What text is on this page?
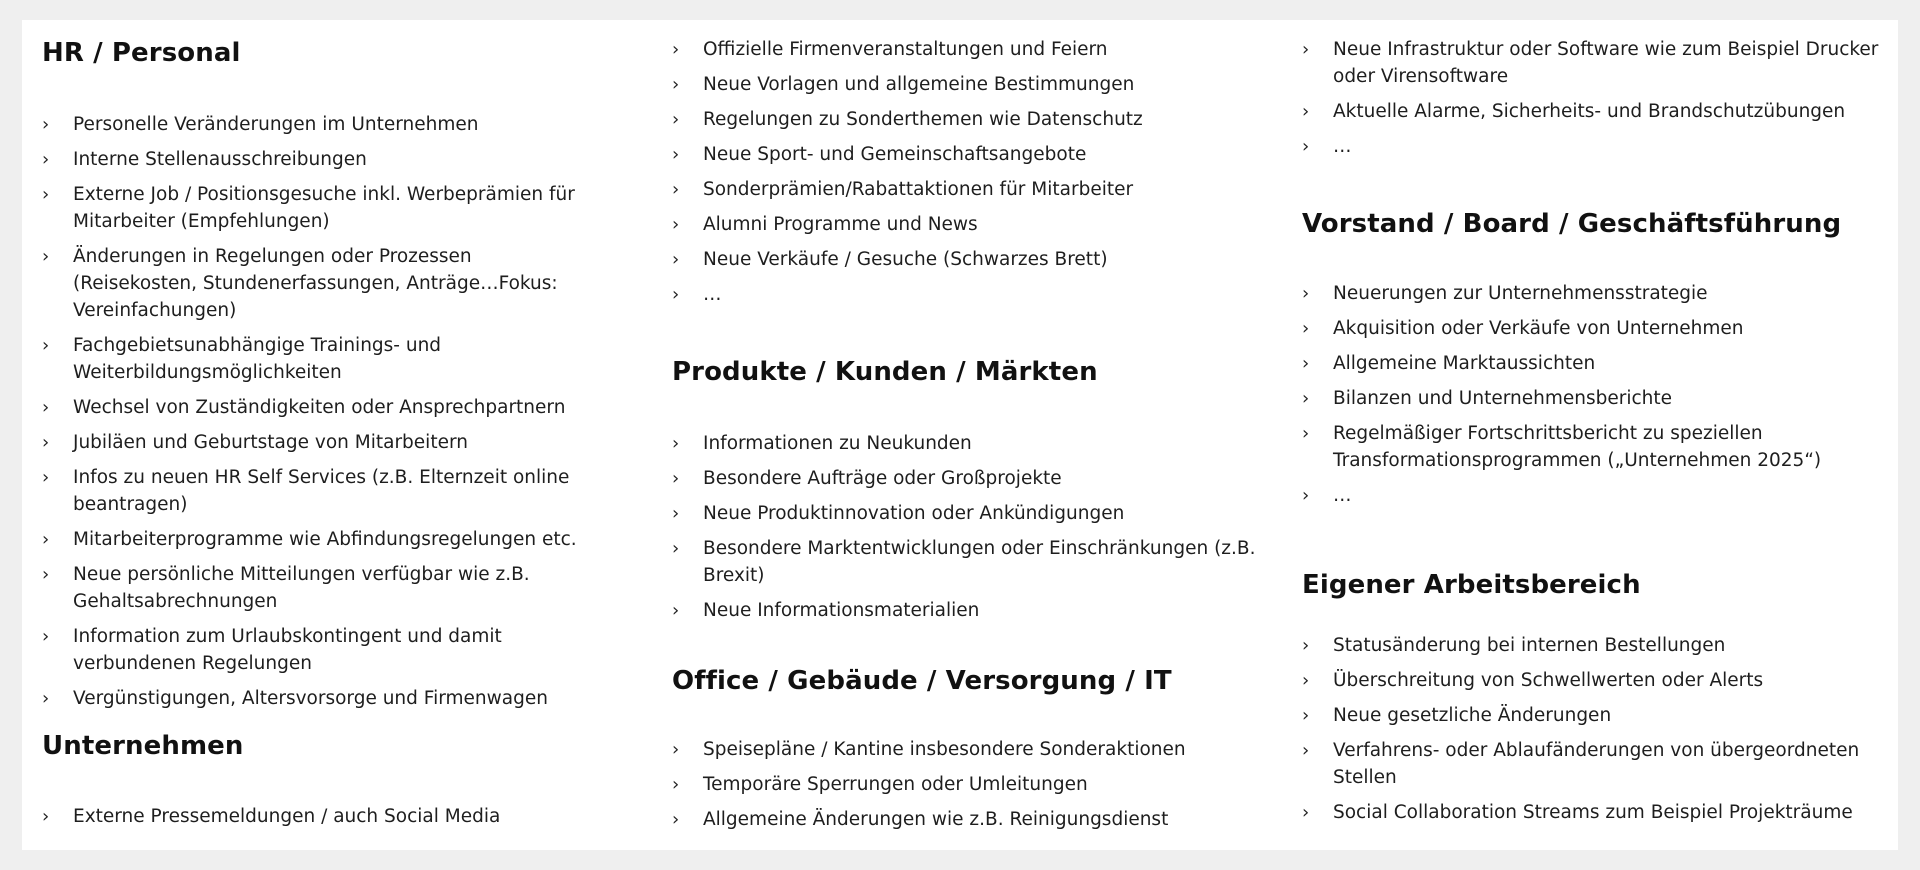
HR / Personal
› Personelle Veränderungen im Unternehmen
› Interne Stellenausschreibungen
› Externe Job / Positionsgesuche inkl. Werbeprämien für Mitarbeiter (Empfehlungen)
› Änderungen in Regelungen oder Prozessen (Reisekosten, Stundenerfassungen, Anträge…Fokus: Vereinfachungen)
› Fachgebietsunabhängige Trainings- und Weiterbildungsmöglichkeiten
› Wechsel von Zuständigkeiten oder Ansprechpartnern
› Jubiläen und Geburtstage von Mitarbeitern
› Infos zu neuen HR Self Services (z.B. Elternzeit online beantragen)
› Mitarbeiterprogramme wie Abfindungsregelungen etc.
› Neue persönliche Mitteilungen verfügbar wie z.B. Gehaltsabrechnungen
› Information zum Urlaubskontingent und damit verbundenen Regelungen
› Vergünstigungen, Altersvorsorge und Firmenwagen
Unternehmen
› Externe Pressemeldungen / auch Social Media
› Offizielle Firmenveranstaltungen und Feiern
› Neue Vorlagen und allgemeine Bestimmungen
› Regelungen zu Sonderthemen wie Datenschutz
› Neue Sport- und Gemeinschaftsangebote
› Sonderprämien/Rabattaktionen für Mitarbeiter
› Alumni Programme und News
› Neue Verkäufe / Gesuche (Schwarzes Brett)
› …
Produkte / Kunden / Märkten
› Informationen zu Neukunden
› Besondere Aufträge oder Großprojekte
› Neue Produktinnovation oder Ankündigungen
› Besondere Marktentwicklungen oder Einschränkungen (z.B. Brexit)
› Neue Informationsmaterialien
Office / Gebäude / Versorgung / IT
› Speisepläne / Kantine insbesondere Sonderaktionen
› Temporäre Sperrungen oder Umleitungen
› Allgemeine Änderungen wie z.B. Reinigungsdienst
› Neue Infrastruktur oder Software wie zum Beispiel Drucker oder Virensoftware
› Aktuelle Alarme, Sicherheits- und Brandschutzübungen
› …
Vorstand / Board / Geschäftsführung
› Neuerungen zur Unternehmensstrategie
› Akquisition oder Verkäufe von Unternehmen
› Allgemeine Marktaussichten
› Bilanzen und Unternehmensberichte
› Regelmäßiger Fortschrittsbericht zu speziellen Transformationsprogrammen („Unternehmen 2025“)
› …
Eigener Arbeitsbereich
› Statusänderung bei internen Bestellungen
› Überschreitung von Schwellwerten oder Alerts
› Neue gesetzliche Änderungen
› Verfahrens- oder Ablaufänderungen von übergeordneten Stellen
› Social Collaboration Streams zum Beispiel Projekträume
